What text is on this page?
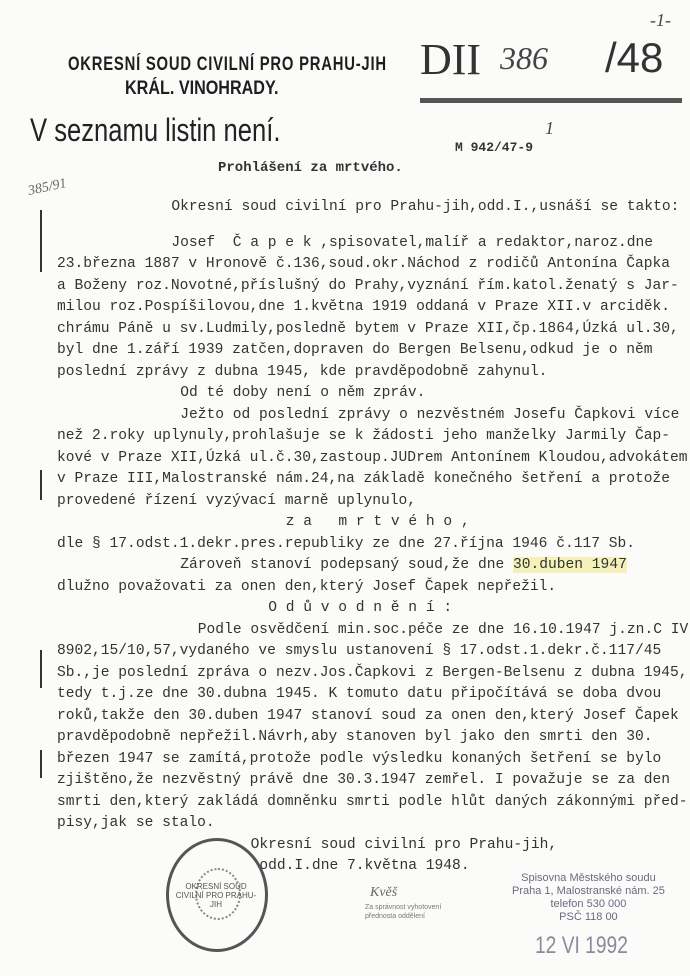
-1-
OKRESNÍ SOUD CIVILNÍ PRO PRAHU-JIH
KRÁL. VINOHRADY.
DII 386 /48
1
M 942/47-9
V seznamu listin není.
385/91
Prohlášení za mrtvého.
Okresní soud civilní pro Prahu-jih,odd.I.,usnáší se takto:
Josef  Č a p e k ,spisovatel,malíř a redaktor,naroz.dne
23.března 1887 v Hronově č.136,soud.okr.Náchod z rodičů Antonína Čapka
a Boženy roz.Novotné,příslušný do Prahy,vyznání řím.katol.ženatý s Jar-
milou roz.Pospíšilovou,dne 1.května 1919 oddaná v Praze XII.v arciděk.
chrámu Páně u sv.Ludmily,posledně bytem v Praze XII,čp.1864,Úzká ul.30,
byl dne 1.září 1939 zatčen,dopraven do Bergen Belsenu,odkud je o něm
poslední zprávy z dubna 1945, kde pravděpodobně zahynul.
Od té doby není o něm zpráv.
Ježto od poslední zprávy o nezvěstném Josefu Čapkovi více
než 2.roky uplynuly,prohlašuje se k žádosti jeho manželky Jarmily Čap-
kové v Praze XII,Úzká ul.č.30,zastoup.JUDrem Antonínem Kloudou,advokátem
v Praze III,Malostranské nám.24,na základě konečného šetření a protože
provedené řízení vyzývací marně uplynulo,
z a   m r t v é h o ,
dle § 17.odst.1.dekr.pres.republiky ze dne 27.října 1946 č.117 Sb.
Zároveň stanoví podepsaný soud,že dne 30.duben 1947
dlužno považovati za onen den,který Josef Čapek nepřežil.
O d ů v o d n ě n í :
Podle osvědčení min.soc.péče ze dne 16.10.1947 j.zn.C IV
8902,15/10,57,vydaného ve smyslu ustanovení § 17.odst.1.dekr.č.117/45
Sb.,je poslední zpráva o nezv.Jos.Čapkovi z Bergen-Belsenu z dubna 1945,
tedy t.j.ze dne 30.dubna 1945. K tomuto datu připočítává se doba dvou
roků,takže den 30.duben 1947 stanoví soud za onen den,který Josef Čapek
pravděpodobně nepřežil.Návrh,aby stanoven byl jako den smrti den 30.
březen 1947 se zamítá,protože podle výsledku konaných šetření se bylo
zjištěno,že nezvěstný právě dne 30.3.1947 zemřel. I považuje se za den
smrti den,který zakládá domněnku smrti podle hlůt daných zákonnými před-
pisy,jak se stalo.
Okresní soud civilní pro Prahu-jih,
odd.I.dne 7.května 1948.
OKRESNÍ SOUD CIVILNÍ PRO PRAHU-JIH
Kvěš
Za správnost vyhotovení
přednosta oddělení
Spisovna Městského soudu
Praha 1, Malostranské nám. 25
telefon 530 000
PSČ 118 00
12 VI 1992
